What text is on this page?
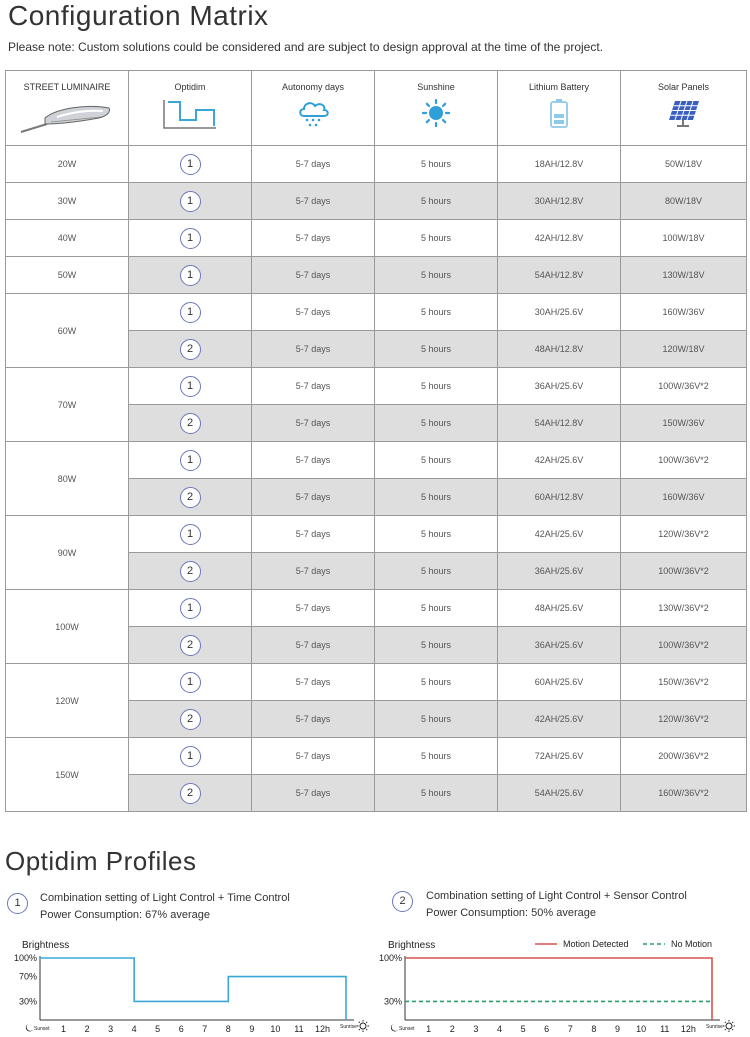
Configuration Matrix
Please note: Custom solutions could be considered and are subject to design approval at the time of the project.
STREET LUMINAIRE	Optidim	Autonomy days	Sunshine	Lithium Battery	Solar Panels

20W	1	5-7 days	5 hours	18AH/12.8V	50W/18V
30W	1	5-7 days	5 hours	30AH/12.8V	80W/18V
40W	1	5-7 days	5 hours	42AH/12.8V	100W/18V
50W	1	5-7 days	5 hours	54AH/12.8V	130W/18V
60W	1	5-7 days	5 hours	30AH/25.6V	160W/36V
	2	5-7 days	5 hours	48AH/12.8V	120W/18V
70W	1	5-7 days	5 hours	36AH/25.6V	100W/36V*2
	2	5-7 days	5 hours	54AH/12.8V	150W/36V
80W	1	5-7 days	5 hours	42AH/25.6V	100W/36V*2
	2	5-7 days	5 hours	60AH/12.8V	160W/36V
90W	1	5-7 days	5 hours	42AH/25.6V	120W/36V*2
	2	5-7 days	5 hours	36AH/25.6V	100W/36V*2
100W	1	5-7 days	5 hours	48AH/25.6V	130W/36V*2
	2	5-7 days	5 hours	36AH/25.6V	100W/36V*2
120W	1	5-7 days	5 hours	60AH/25.6V	150W/36V*2
	2	5-7 days	5 hours	42AH/25.6V	120W/36V*2
150W	1	5-7 days	5 hours	72AH/25.6V	200W/36V*2
	2	5-7 days	5 hours	54AH/25.6V	160W/36V*2
Optidim Profiles
1	Combination setting of Light Control + Time Control
Power Consumption: 67% average
2	Combination setting of Light Control + Sensor Control
Power Consumption: 50% average
Brightness
100%
70%
30%
Sunset 1 2 3 4 5 6 7 8 9 10 11 12h Sunrise
Brightness
100%
30%
Sunset 1 2 3 4 5 6 7 8 9 10 11 12h Sunrise
Motion Detected	No Motion
